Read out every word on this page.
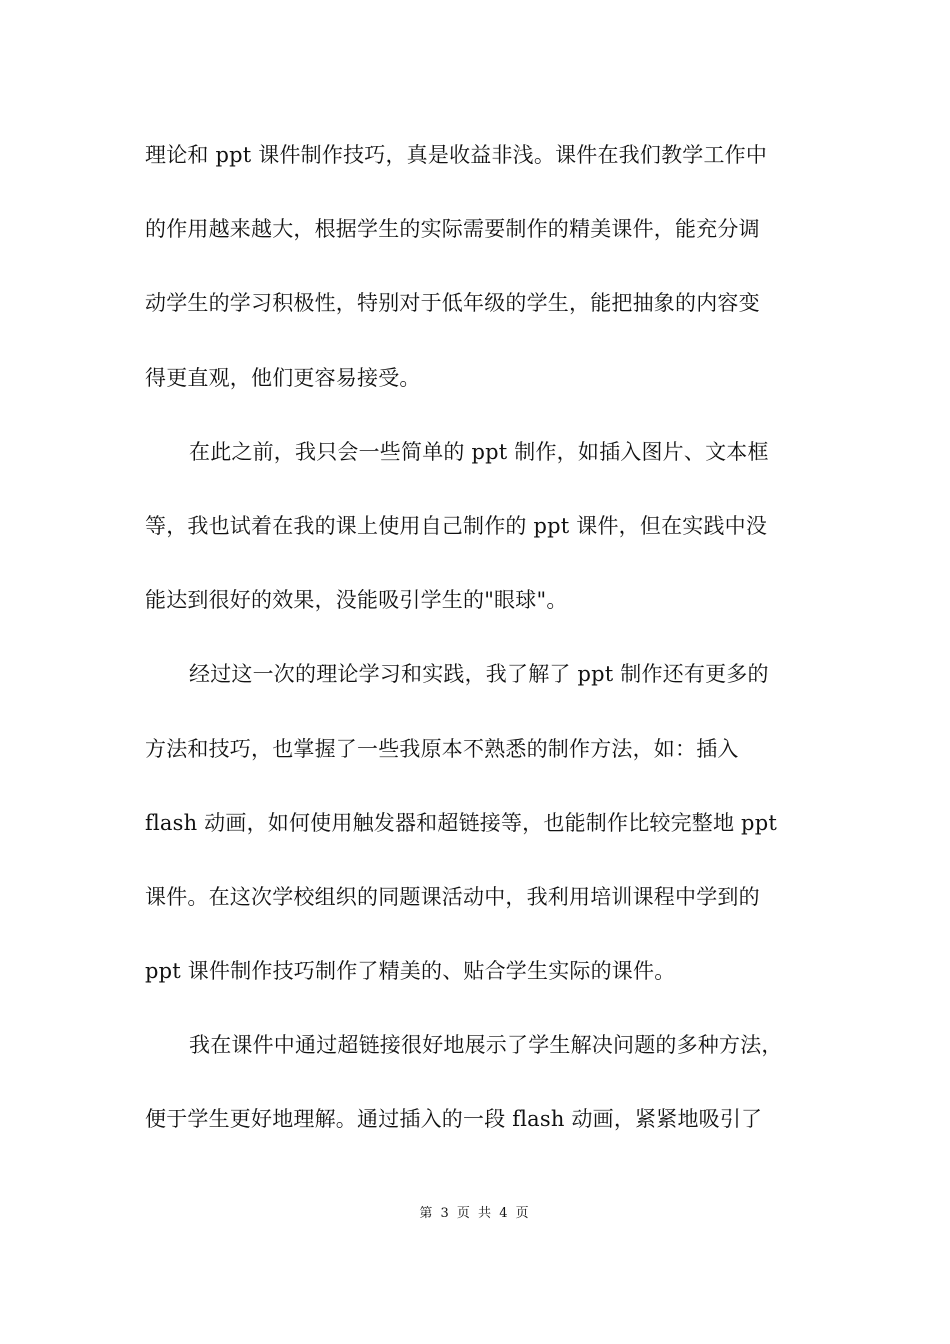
理论和 ppt 课件制作技巧，真是收益非浅。课件在我们教学工作中
的作用越来越大，根据学生的实际需要制作的精美课件，能充分调
动学生的学习积极性，特别对于低年级的学生，能把抽象的内容变
得更直观，他们更容易接受。
在此之前，我只会一些简单的 ppt 制作，如插入图片、文本框
等，我也试着在我的课上使用自己制作的 ppt 课件，但在实践中没
能达到很好的效果，没能吸引学生的"眼球"。
经过这一次的理论学习和实践，我了解了 ppt 制作还有更多的
方法和技巧，也掌握了一些我原本不熟悉的制作方法，如：插入
flash 动画，如何使用触发器和超链接等，也能制作比较完整地 ppt
课件。在这次学校组织的同题课活动中，我利用培训课程中学到的
ppt 课件制作技巧制作了精美的、贴合学生实际的课件。
我在课件中通过超链接很好地展示了学生解决问题的多种方法，
便于学生更好地理解。通过插入的一段 flash 动画，紧紧地吸引了
第 3 页 共 4 页
